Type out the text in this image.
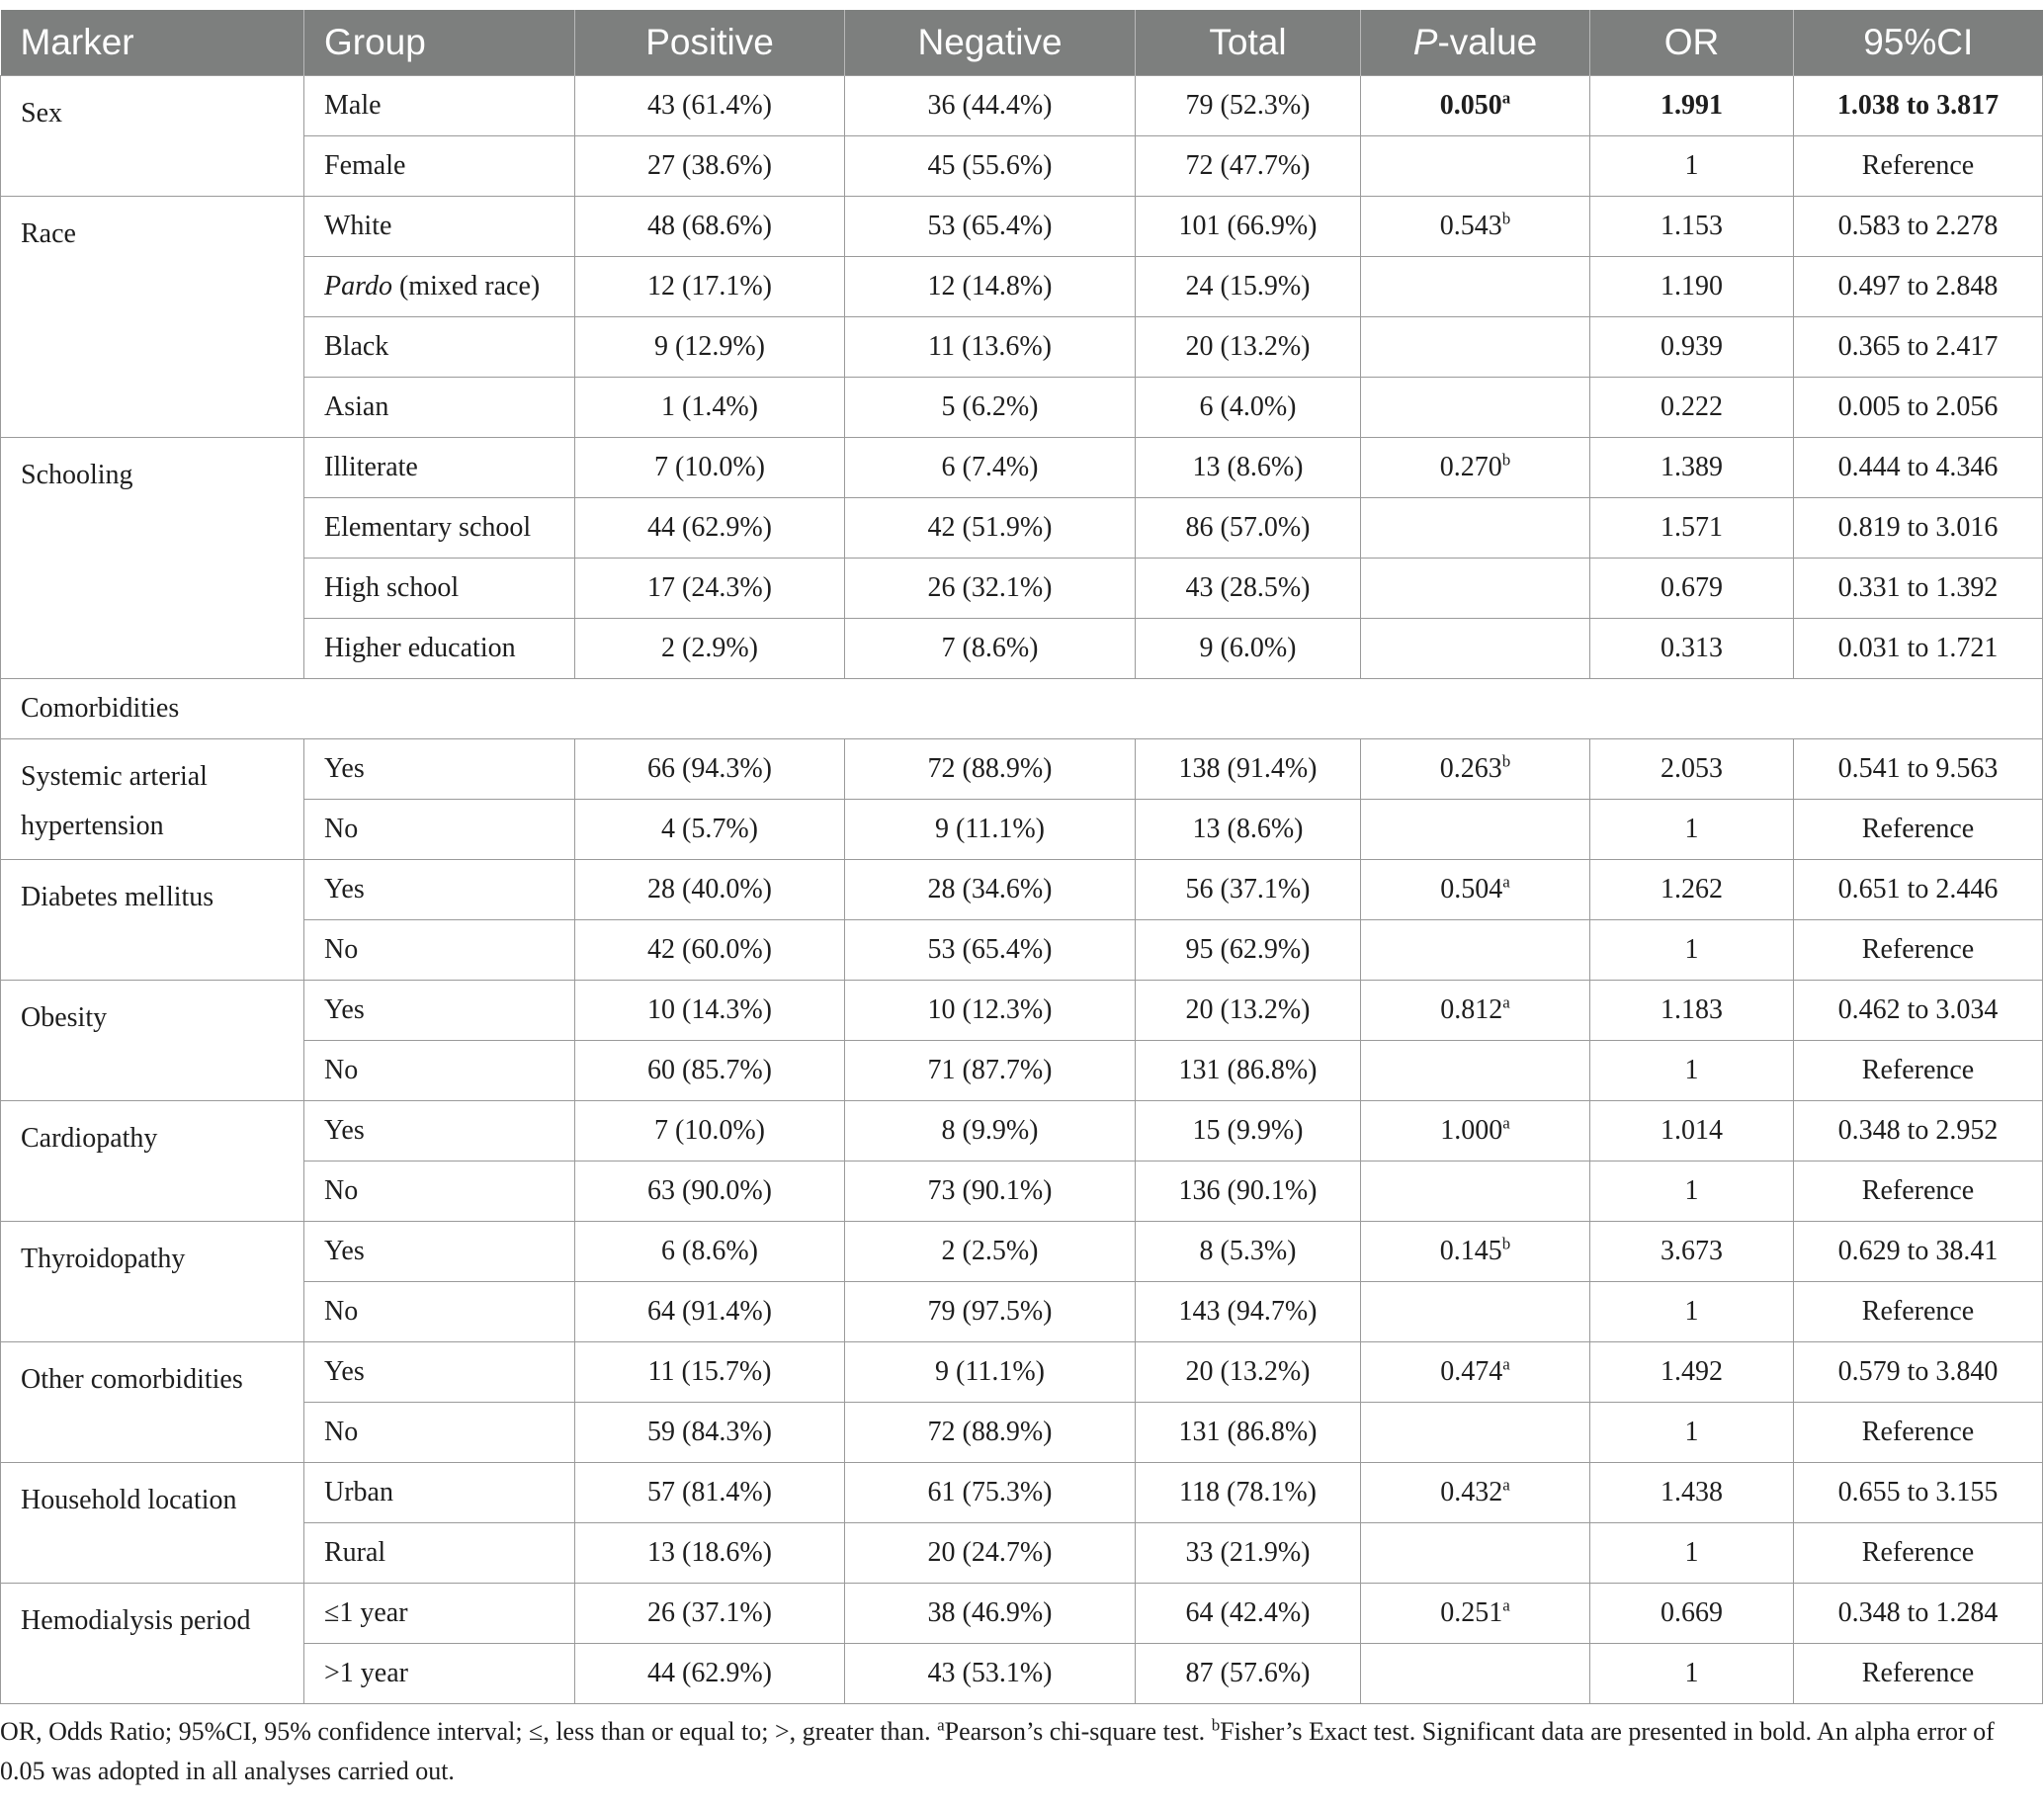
Marker	Group	Positive	Negative	Total	P-value	OR	95%CI
Sex	Male	43 (61.4%)	36 (44.4%)	79 (52.3%)	0.050$^a$	1.991	1.038 to 3.817
	Female	27 (38.6%)	45 (55.6%)	72 (47.7%)		1	Reference
Race	White	48 (68.6%)	53 (65.4%)	101 (66.9%)	0.543$^b$	1.153	0.583 to 2.278
	Pardo (mixed race)	12 (17.1%)	12 (14.8%)	24 (15.9%)		1.190	0.497 to 2.848
	Black	9 (12.9%)	11 (13.6%)	20 (13.2%)		0.939	0.365 to 2.417
	Asian	1 (1.4%)	5 (6.2%)	6 (4.0%)		0.222	0.005 to 2.056
Schooling	Illiterate	7 (10.0%)	6 (7.4%)	13 (8.6%)	0.270$^b$	1.389	0.444 to 4.346
	Elementary school	44 (62.9%)	42 (51.9%)	86 (57.0%)		1.571	0.819 to 3.016
	High school	17 (24.3%)	26 (32.1%)	43 (28.5%)		0.679	0.331 to 1.392
	Higher education	2 (2.9%)	7 (8.6%)	9 (6.0%)		0.313	0.031 to 1.721
Comorbidities							
Systemic arterial hypertension	Yes	66 (94.3%)	72 (88.9%)	138 (91.4%)	0.263$^b$	2.053	0.541 to 9.563
	No	4 (5.7%)	9 (11.1%)	13 (8.6%)		1	Reference
Diabetes mellitus	Yes	28 (40.0%)	28 (34.6%)	56 (37.1%)	0.504$^a$	1.262	0.651 to 2.446
	No	42 (60.0%)	53 (65.4%)	95 (62.9%)		1	Reference
Obesity	Yes	10 (14.3%)	10 (12.3%)	20 (13.2%)	0.812$^a$	1.183	0.462 to 3.034
	No	60 (85.7%)	71 (87.7%)	131 (86.8%)		1	Reference
Cardiopathy	Yes	7 (10.0%)	8 (9.9%)	15 (9.9%)	1.000$^a$	1.014	0.348 to 2.952
	No	63 (90.0%)	73 (90.1%)	136 (90.1%)		1	Reference
Thyroidopathy	Yes	6 (8.6%)	2 (2.5%)	8 (5.3%)	0.145$^b$	3.673	0.629 to 38.41
	No	64 (91.4%)	79 (97.5%)	143 (94.7%)		1	Reference
Other comorbidities	Yes	11 (15.7%)	9 (11.1%)	20 (13.2%)	0.474$^a$	1.492	0.579 to 3.840
	No	59 (84.3%)	72 (88.9%)	131 (86.8%)		1	Reference
Household location	Urban	57 (81.4%)	61 (75.3%)	118 (78.1%)	0.432$^a$	1.438	0.655 to 3.155
	Rural	13 (18.6%)	20 (24.7%)	33 (21.9%)		1	Reference
Hemodialysis period	≤1 year	26 (37.1%)	38 (46.9%)	64 (42.4%)	0.251$^a$	0.669	0.348 to 1.284
	>1 year	44 (62.9%)	43 (53.1%)	87 (57.6%)		1	Reference
OR, Odds Ratio; 95%CI, 95% confidence interval; ≤, less than or equal to; >, greater than. $^a$Pearson’s chi-square test. $^b$Fisher’s Exact test. Significant data are presented in bold. An alpha error of 0.05 was adopted in all analyses carried out.
